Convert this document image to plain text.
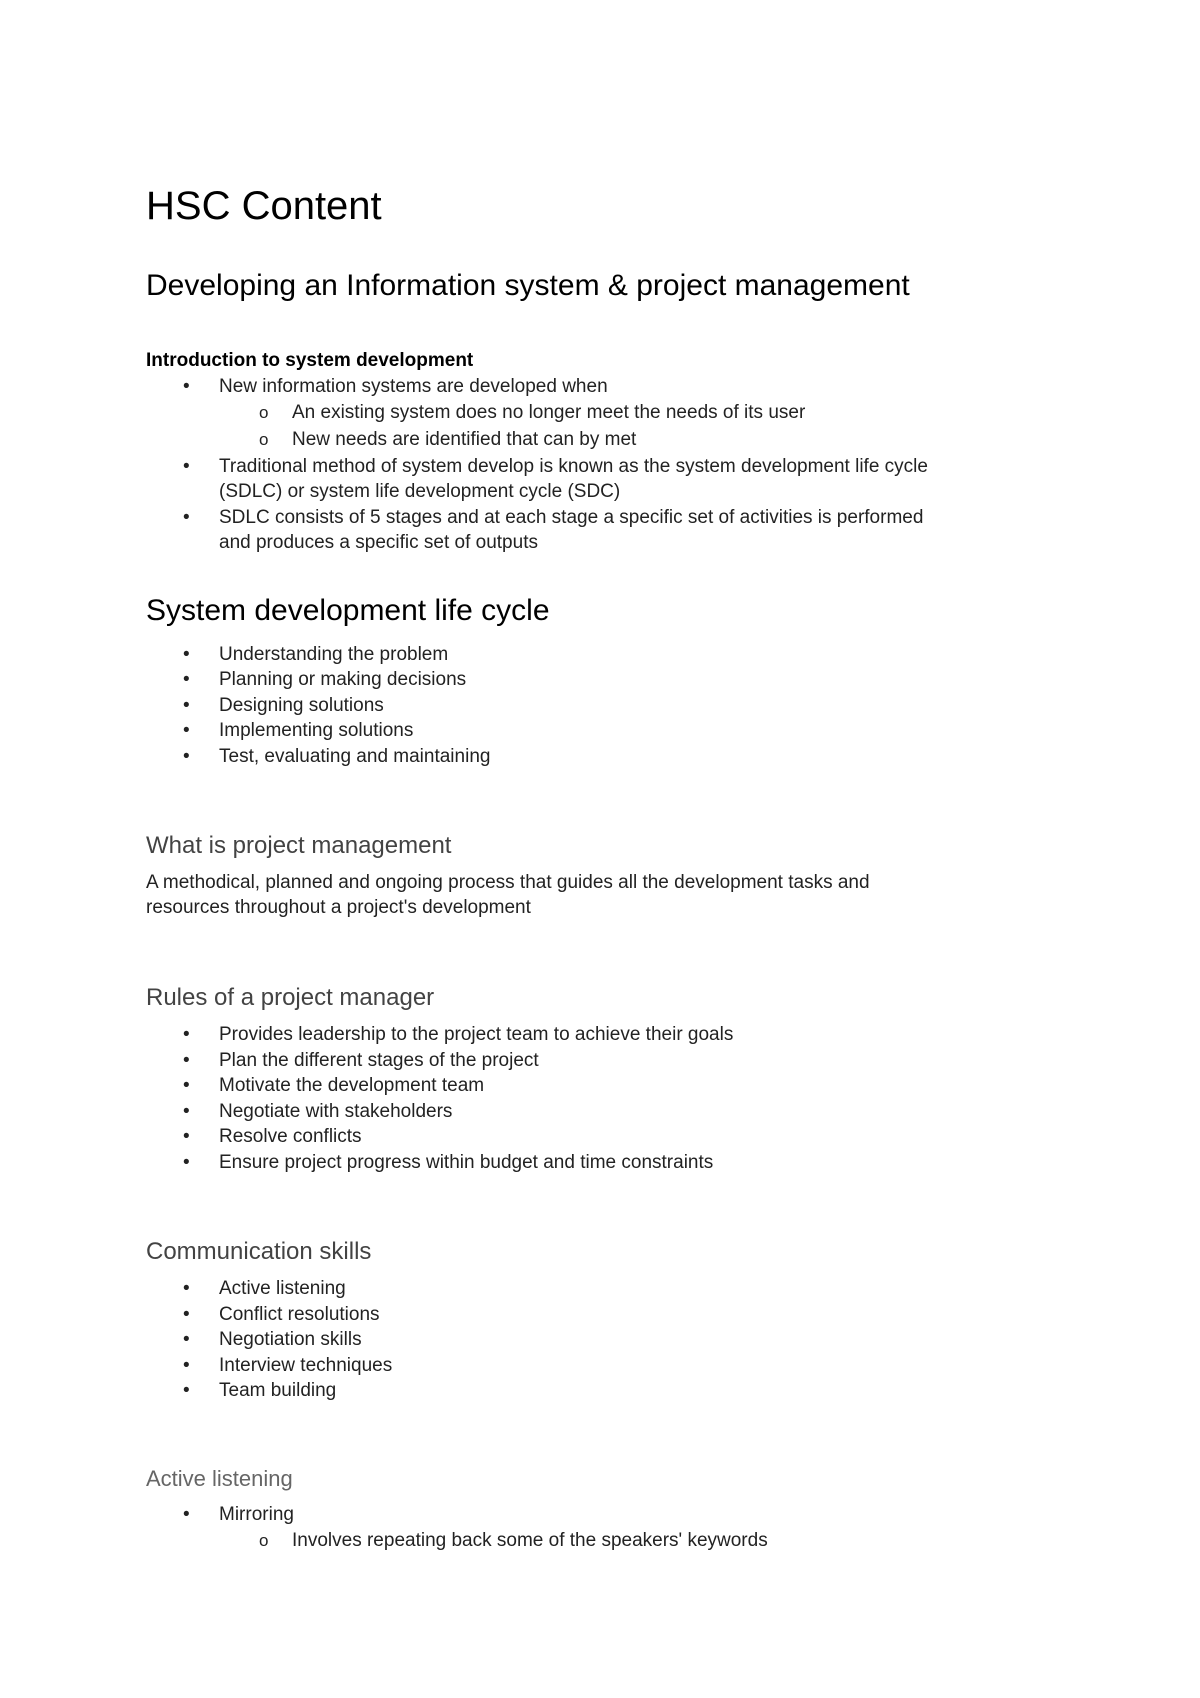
HSC Content
Developing an Information system & project management
Introduction to system development
• New information systems are developed when
o An existing system does no longer meet the needs of its user
o New needs are identified that can by met
• Traditional method of system develop is known as the system development life cycle
(SDLC) or system life development cycle (SDC)
• SDLC consists of 5 stages and at each stage a specific set of activities is performed
and produces a specific set of outputs
System development life cycle
• Understanding the problem
• Planning or making decisions
• Designing solutions
• Implementing solutions
• Test, evaluating and maintaining
What is project management
A methodical, planned and ongoing process that guides all the development tasks and
resources throughout a project's development
Rules of a project manager
• Provides leadership to the project team to achieve their goals
• Plan the different stages of the project
• Motivate the development team
• Negotiate with stakeholders
• Resolve conflicts
• Ensure project progress within budget and time constraints
Communication skills
• Active listening
• Conflict resolutions
• Negotiation skills
• Interview techniques
• Team building
Active listening
• Mirroring
o Involves repeating back some of the speakers' keywords
